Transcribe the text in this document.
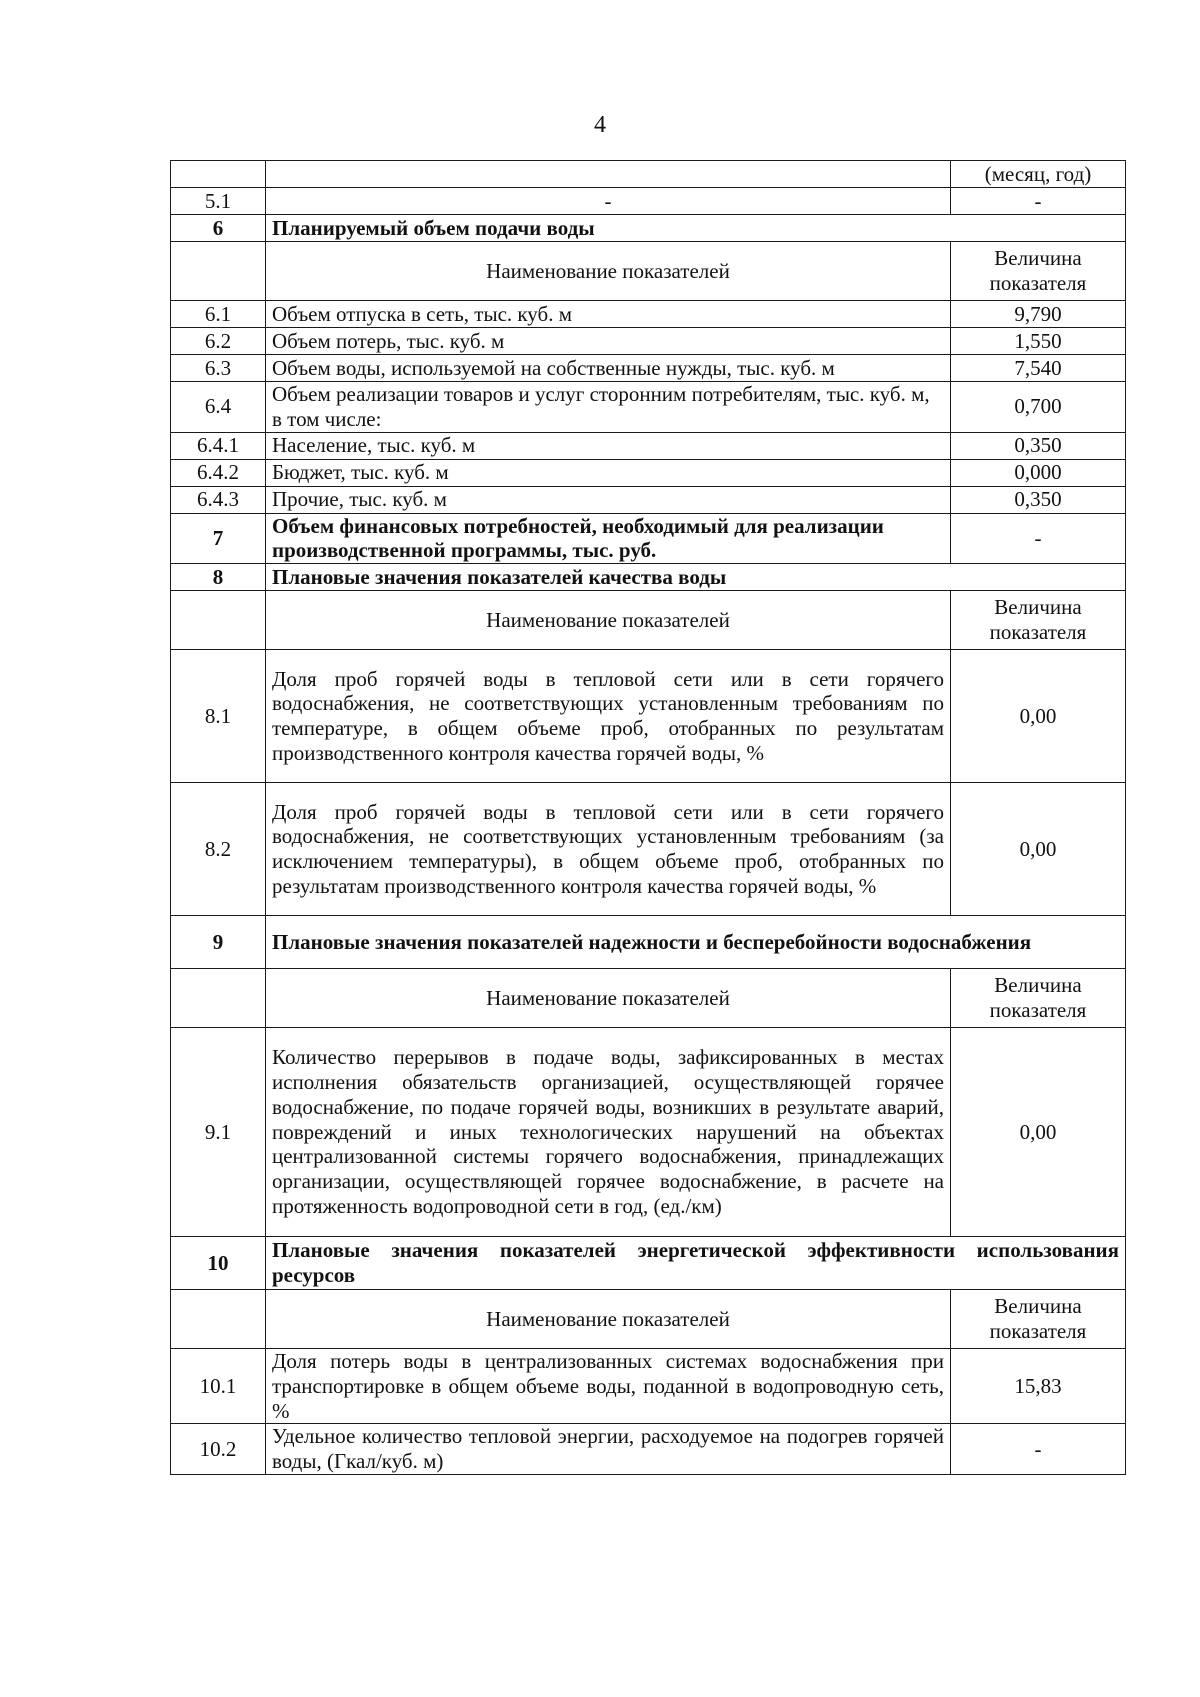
4
		(месяц, год)
5.1	-	-
6	Планируемый объем подачи воды	
	Наименование показателей	Величина показателя
6.1	Объем отпуска в сеть, тыс. куб. м	9,790
6.2	Объем потерь, тыс. куб. м	1,550
6.3	Объем воды, используемой на собственные нужды, тыс. куб. м	7,540
6.4	Объем реализации товаров и услуг сторонним потребителям, тыс. куб. м, в том числе:	0,700
6.4.1	Население, тыс. куб. м	0,350
6.4.2	Бюджет, тыс. куб. м	0,000
6.4.3	Прочие, тыс. куб. м	0,350
7	Объем финансовых потребностей, необходимый для реализации производственной программы, тыс. руб.	-
8	Плановые значения показателей качества воды	
	Наименование показателей	Величина показателя
8.1	Доля проб горячей воды в тепловой сети или в сети горячего водоснабжения, не соответствующих установленным требованиям по температуре, в общем объеме проб, отобранных по результатам производственного контроля качества горячей воды, %	0,00
8.2	Доля проб горячей воды в тепловой сети или в сети горячего водоснабжения, не соответствующих установленным требованиям (за исключением температуры), в общем объеме проб, отобранных по результатам производственного контроля качества горячей воды, %	0,00
9	Плановые значения показателей надежности и бесперебойности водоснабжения	
	Наименование показателей	Величина показателя
9.1	Количество перерывов в подаче воды, зафиксированных в местах исполнения обязательств организацией, осуществляющей горячее водоснабжение, по подаче горячей воды, возникших в результате аварий, повреждений и иных технологических нарушений на объектах централизованной системы горячего водоснабжения, принадлежащих организации, осуществляющей горячее водоснабжение, в расчете на протяженность водопроводной сети в год, (ед./км)	0,00
10	Плановые значения показателей энергетической эффективности использования ресурсов	
	Наименование показателей	Величина показателя
10.1	Доля потерь воды в централизованных системах водоснабжения при транспортировке в общем объеме воды, поданной в водопроводную сеть, %	15,83
10.2	Удельное количество тепловой энергии, расходуемое на подогрев горячей воды, (Гкал/куб. м)	-
